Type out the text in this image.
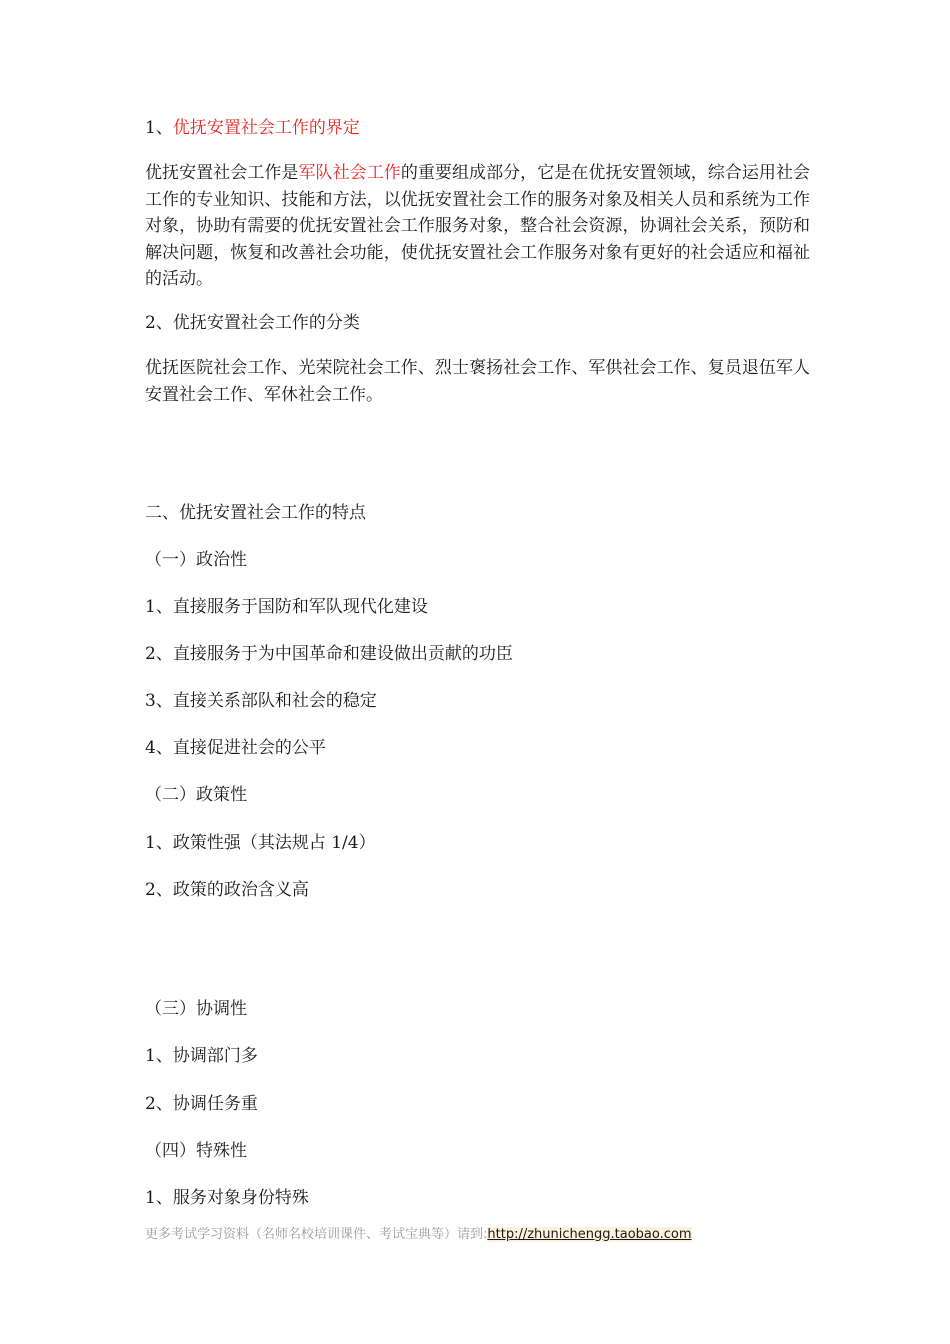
1、优抚安置社会工作的界定
优抚安置社会工作是军队社会工作的重要组成部分，它是在优抚安置领域，综合运用社会工作的专业知识、技能和方法，以优抚安置社会工作的服务对象及相关人员和系统为工作对象，协助有需要的优抚安置社会工作服务对象，整合社会资源，协调社会关系，预防和解决问题，恢复和改善社会功能，使优抚安置社会工作服务对象有更好的社会适应和福祉的活动。
2、优抚安置社会工作的分类
优抚医院社会工作、光荣院社会工作、烈士褒扬社会工作、军供社会工作、复员退伍军人安置社会工作、军休社会工作。
二、优抚安置社会工作的特点
（一）政治性
1、直接服务于国防和军队现代化建设
2、直接服务于为中国革命和建设做出贡献的功臣
3、直接关系部队和社会的稳定
4、直接促进社会的公平
（二）政策性
1、政策性强（其法规占 1/4）
2、政策的政治含义高
（三）协调性
1、协调部门多
2、协调任务重
（四）特殊性
1、服务对象身份特殊
更多考试学习资料（名师名校培训课件、考试宝典等）请到:http://zhunichengg.taobao.com
